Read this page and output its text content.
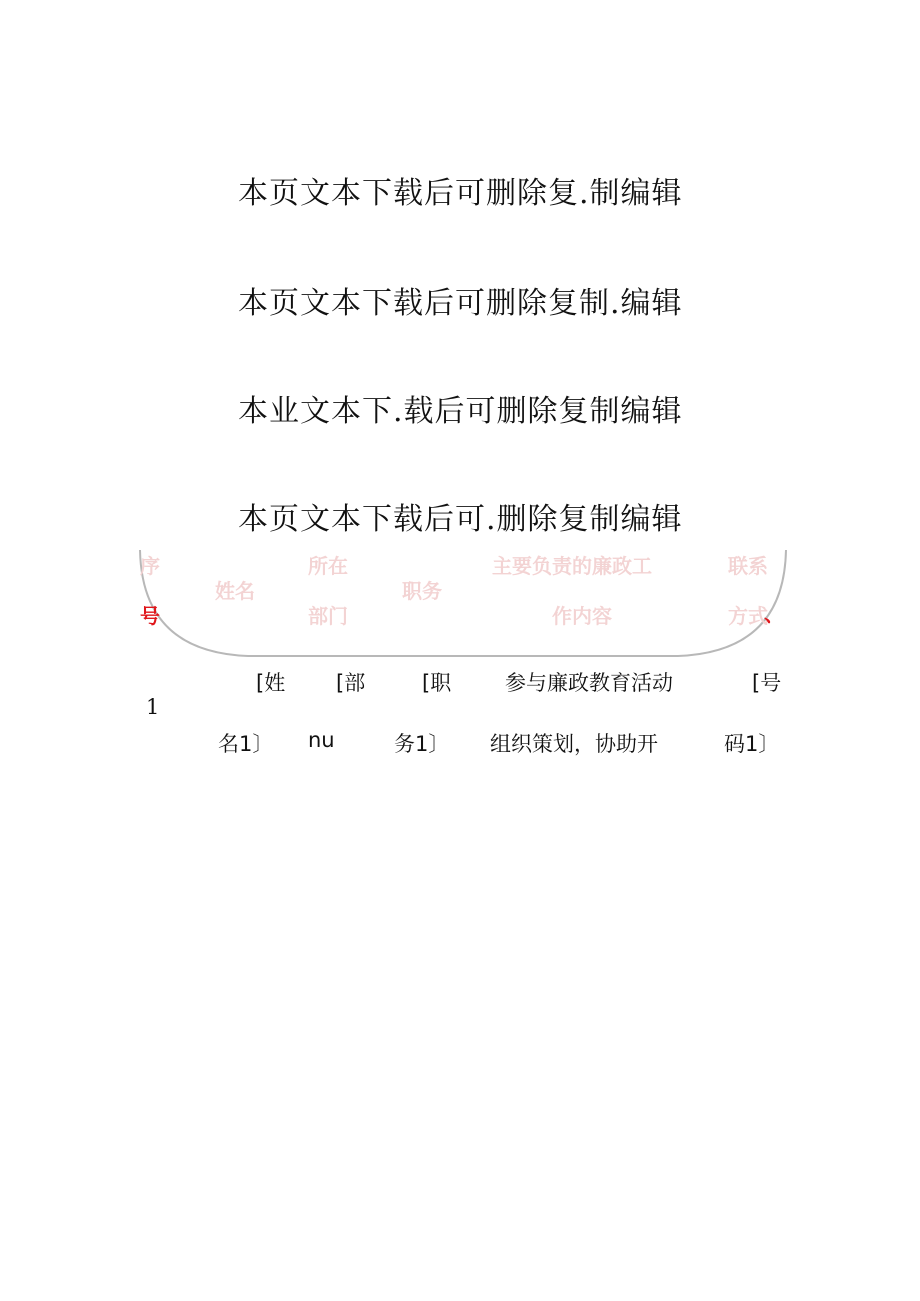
本页文本下载后可删除复.制编辑
本页文本下载后可删除复制.编辑
本业文本下.载后可删除复制编辑
本页文本下载后可.删除复制编辑
序
号
姓名
所在
部门
职务
主要负责的廉政工
作内容
联系
方式
、
1
[姓
名1〕
[部
nu
[职
务1〕
参与廉政教育活动
组织策划，协助开
[号
码1〕
